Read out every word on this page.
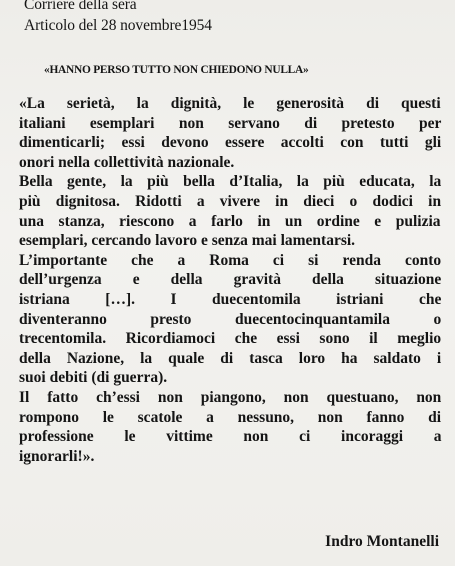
Corriere della sera
Articolo del 28 novembre1954
«HANNO PERSO TUTTO NON CHIEDONO NULLA»
«La serietà, la dignità, le generosità di questi
italiani esemplari non servano di pretesto per
dimenticarli; essi devono essere accolti con tutti gli
onori nella collettività nazionale.
Bella gente, la più bella d’Italia, la più educata, la
più dignitosa. Ridotti a vivere in dieci o dodici in
una stanza, riescono a farlo in un ordine e pulizia
esemplari, cercando lavoro e senza mai lamentarsi.
L’importante che a Roma ci si renda conto
dell’urgenza e della gravità della situazione
istriana […]. I duecentomila istriani che
diventeranno presto duecentocinquantamila o
trecentomila. Ricordiamoci che essi sono il meglio
della Nazione, la quale di tasca loro ha saldato i
suoi debiti (di guerra).
Il fatto ch’essi non piangono, non questuano, non
rompono le scatole a nessuno, non fanno di
professione le vittime non ci incoraggi a
ignorarli!».
Indro Montanelli
